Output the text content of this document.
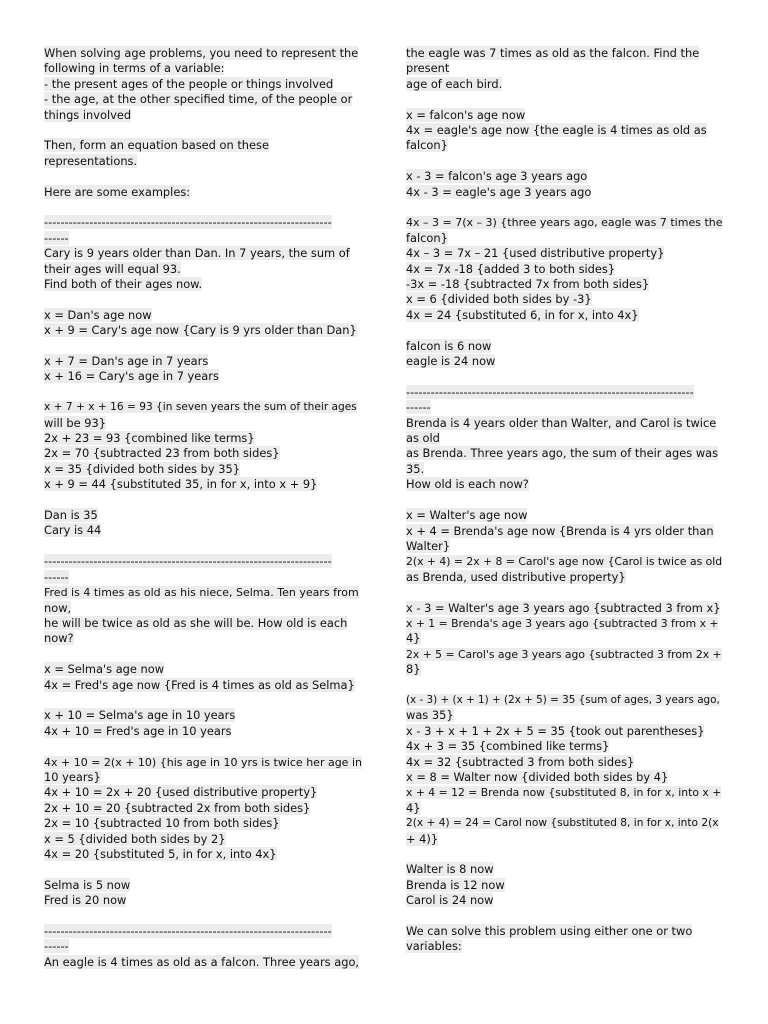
When solving age problems, you need to represent the
following in terms of a variable:
- the present ages of the people or things involved
- the age, at the other specified time, of the people or
things involved
Then, form an equation based on these
representations.
Here are some examples:
----------------------------------------------------------------------
------
Cary is 9 years older than Dan. In 7 years, the sum of
their ages will equal 93.
Find both of their ages now.
x = Dan's age now
x + 9 = Cary's age now {Cary is 9 yrs older than Dan}
x + 7 = Dan's age in 7 years
x + 16 = Cary's age in 7 years
x + 7 + x + 16 = 93 {in seven years the sum of their ages
will be 93}
2x + 23 = 93 {combined like terms}
2x = 70 {subtracted 23 from both sides}
x = 35 {divided both sides by 35}
x + 9 = 44 {substituted 35, in for x, into x + 9}
Dan is 35
Cary is 44
----------------------------------------------------------------------
------
Fred is 4 times as old as his niece, Selma. Ten years from
now,
he will be twice as old as she will be. How old is each
now?
x = Selma's age now
4x = Fred's age now {Fred is 4 times as old as Selma}
x + 10 = Selma's age in 10 years
4x + 10 = Fred's age in 10 years
4x + 10 = 2(x + 10) {his age in 10 yrs is twice her age in
10 years}
4x + 10 = 2x + 20 {used distributive property}
2x + 10 = 20 {subtracted 2x from both sides}
2x = 10 {subtracted 10 from both sides}
x = 5 {divided both sides by 2}
4x = 20 {substituted 5, in for x, into 4x}
Selma is 5 now
Fred is 20 now
----------------------------------------------------------------------
------
An eagle is 4 times as old as a falcon. Three years ago,
the eagle was 7 times as old as the falcon. Find the
present
age of each bird.
x = falcon's age now
4x = eagle's age now {the eagle is 4 times as old as
falcon}
x - 3 = falcon's age 3 years ago
4x - 3 = eagle's age 3 years ago
4x – 3 = 7(x – 3) {three years ago, eagle was 7 times the
falcon}
4x – 3 = 7x – 21 {used distributive property}
4x = 7x -18 {added 3 to both sides}
-3x = -18 {subtracted 7x from both sides}
x = 6 {divided both sides by -3}
4x = 24 {substituted 6, in for x, into 4x}
falcon is 6 now
eagle is 24 now
----------------------------------------------------------------------
------
Brenda is 4 years older than Walter, and Carol is twice
as old
as Brenda. Three years ago, the sum of their ages was
35.
How old is each now?
x = Walter's age now
x + 4 = Brenda's age now {Brenda is 4 yrs older than
Walter}
2(x + 4) = 2x + 8 = Carol's age now {Carol is twice as old
as Brenda, used distributive property}
x - 3 = Walter's age 3 years ago {subtracted 3 from x}
x + 1 = Brenda's age 3 years ago {subtracted 3 from x +
4}
2x + 5 = Carol's age 3 years ago {subtracted 3 from 2x +
8}
(x - 3) + (x + 1) + (2x + 5) = 35 {sum of ages, 3 years ago,
was 35}
x - 3 + x + 1 + 2x + 5 = 35 {took out parentheses}
4x + 3 = 35 {combined like terms}
4x = 32 {subtracted 3 from both sides}
x = 8 = Walter now {divided both sides by 4}
x + 4 = 12 = Brenda now {substituted 8, in for x, into x +
4}
2(x + 4) = 24 = Carol now {substituted 8, in for x, into 2(x
+ 4)}
Walter is 8 now
Brenda is 12 now
Carol is 24 now
We can solve this problem using either one or two
variables:
